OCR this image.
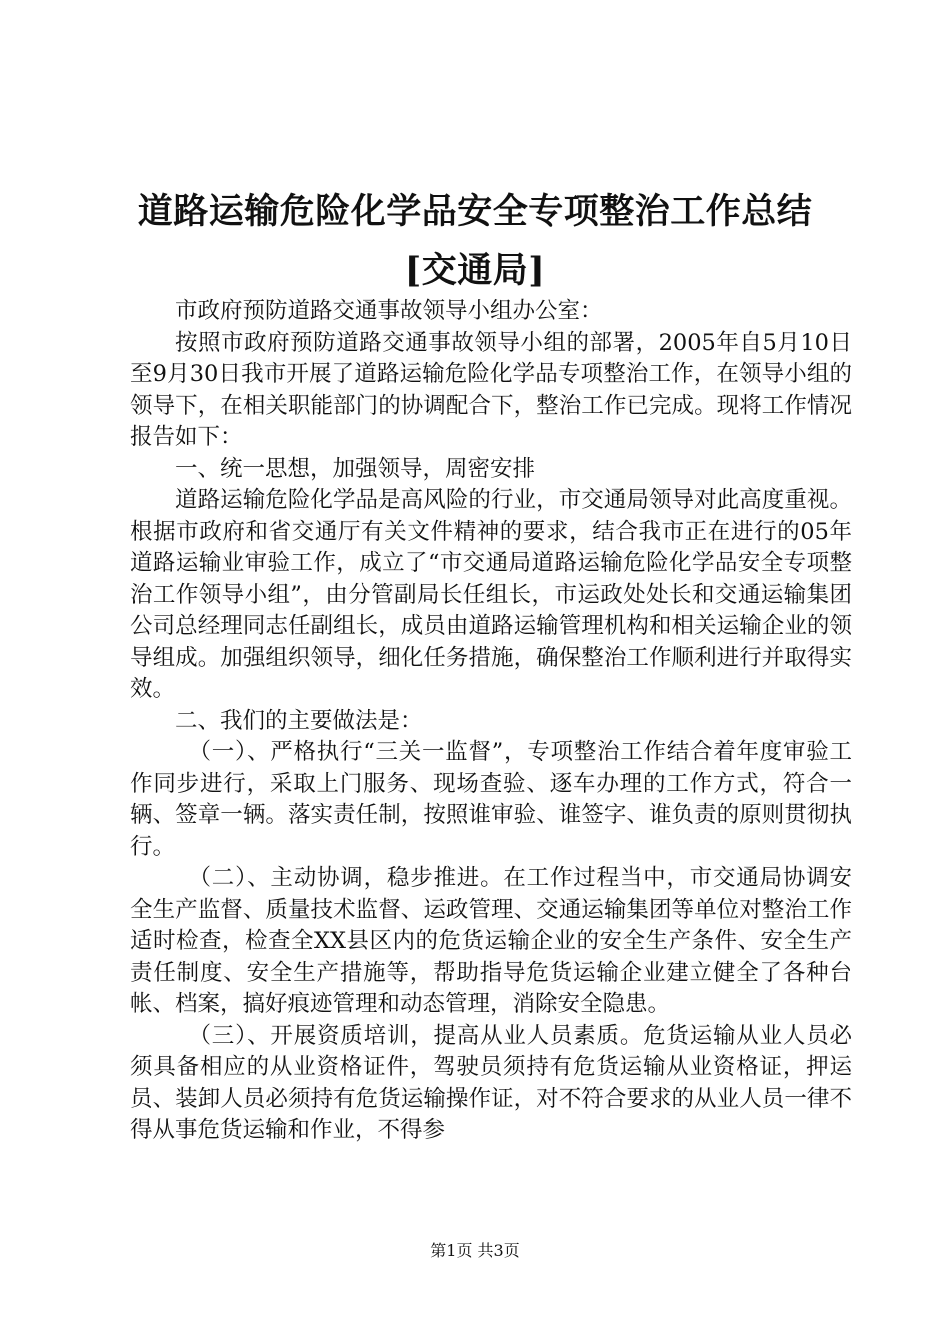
道路运输危险化学品安全专项整治工作总结
[交通局]

市政府预防道路交通事故领导小组办公室：

按照市政府预防道路交通事故领导小组的部署，2005年自5月10日至9月30日我市开展了道路运输危险化学品专项整治工作，在领导小组的领导下，在相关职能部门的协调配合下，整治工作已完成。现将工作情况报告如下：

一、统一思想，加强领导，周密安排

道路运输危险化学品是高风险的行业，市交通局领导对此高度重视。根据市政府和省交通厅有关文件精神的要求，结合我市正在进行的05年道路运输业审验工作，成立了“市交通局道路运输危险化学品安全专项整治工作领导小组”，由分管副局长任组长，市运政处处长和交通运输集团公司总经理同志任副组长，成员由道路运输管理机构和相关运输企业的领导组成。加强组织领导，细化任务措施，确保整治工作顺利进行并取得实效。

二、我们的主要做法是：

（一）、严格执行“三关一监督”，专项整治工作结合着年度审验工作同步进行，采取上门服务、现场查验、逐车办理的工作方式，符合一辆、签章一辆。落实责任制，按照谁审验、谁签字、谁负责的原则贯彻执行。

（二）、主动协调，稳步推进。在工作过程当中，市交通局协调安全生产监督、质量技术监督、运政管理、交通运输集团等单位对整治工作适时检查，检查全XX县区内的危货运输企业的安全生产条件、安全生产责任制度、安全生产措施等，帮助指导危货运输企业建立健全了各种台帐、档案，搞好痕迹管理和动态管理，消除安全隐患。

（三）、开展资质培训，提高从业人员素质。危货运输从业人员必须具备相应的从业资格证件，驾驶员须持有危货运输从业资格证，押运员、装卸人员必须持有危货运输操作证，对不符合要求的从业人员一律不得从事危货运输和作业，不得参

第1页 共3页
